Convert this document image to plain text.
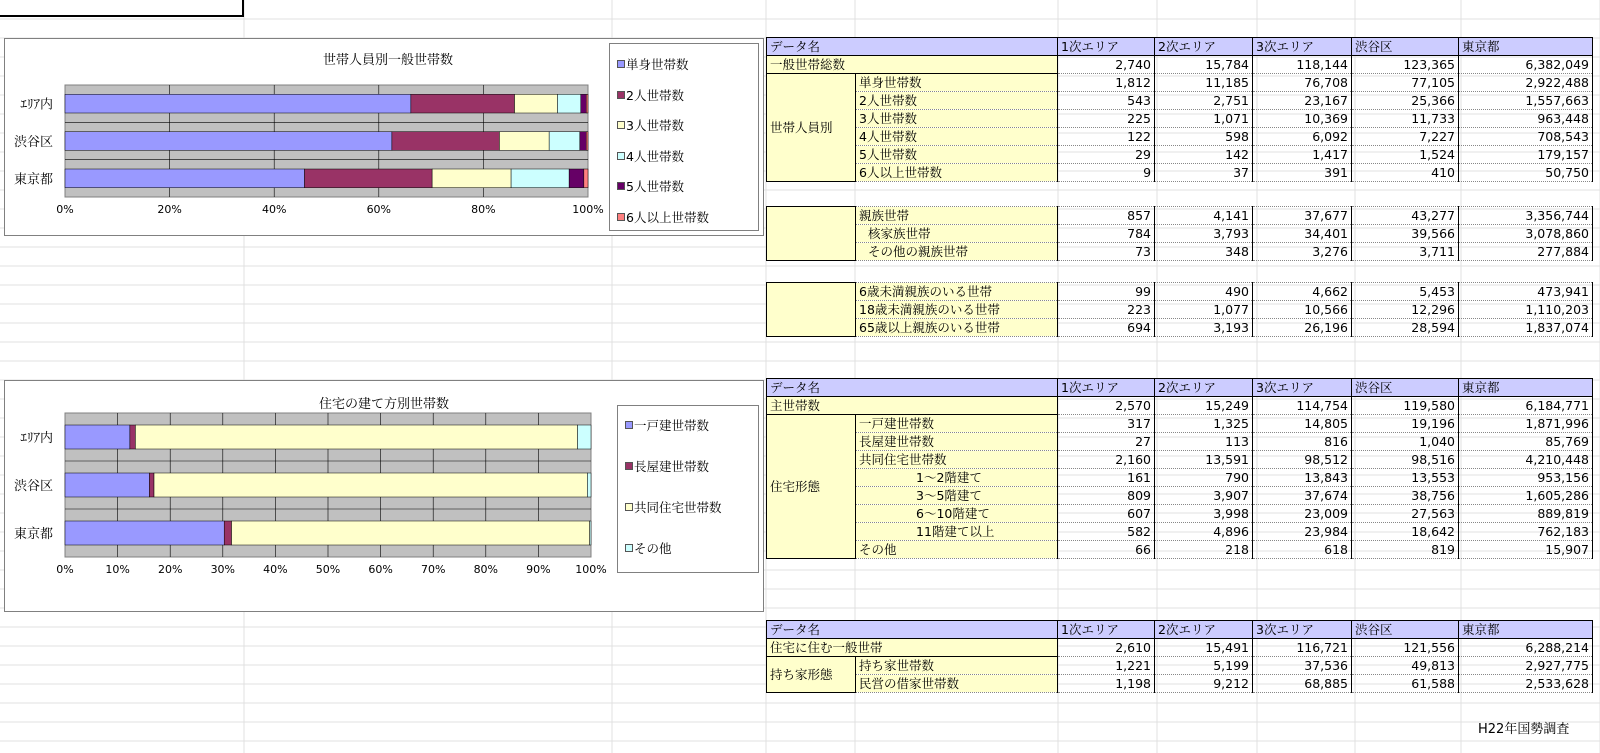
0%	20%	40%	60%	80%	100%
ｴﾘｱ内
渋谷区
東京都
世帯人員別一般世帯数	単身世帯数
2人世帯数
3人世帯数
4人世帯数
5人世帯数
6人以上世帯数
0%	10%	20%	30%	40%	50%	60%	70%	80%	90% 100%
ｴﾘｱ内
渋谷区
東京都
住宅の建て方別世帯数
一戸建世帯数
長屋建世帯数
共同住宅世帯数
その他
データ名		1次エリア	2次エリア	3次エリア	渋谷区	東京都
一般世帯総数		2,740	15,784	118,144	123,365	6,382,049
世帯人員別	単身世帯数	1,812	11,185	76,708	77,105	2,922,488
	2人世帯数	543	2,751	23,167	25,366	1,557,663
	3人世帯数	225	1,071	10,369	11,733	963,448
	4人世帯数	122	598	6,092	7,227	708,543
	5人世帯数	29	142	1,417	1,524	179,157
	6人以上世帯数	9	37	391	410	50,750
	親族世帯	857	4,141	37,677	43,277	3,356,744
	核家族世帯	784	3,793	34,401	39,566	3,078,860
	その他の親族世帯	73	348	3,276	3,711	277,884
	6歳未満親族のいる世帯	99	490	4,662	5,453	473,941
	18歳未満親族のいる世帯	223	1,077	10,566	12,296	1,110,203
	65歳以上親族のいる世帯	694	3,193	26,196	28,594	1,837,074
データ名		1次エリア	2次エリア	3次エリア	渋谷区	東京都
主世帯数		2,570	15,249	114,754	119,580	6,184,771
住宅形態	一戸建世帯数	317	1,325	14,805	19,196	1,871,996
	長屋建世帯数	27	113	816	1,040	85,769
	共同住宅世帯数	2,160	13,591	98,512	98,516	4,210,448
	1～2階建て	161	790	13,843	13,553	953,156
	3～5階建て	809	3,907	37,674	38,756	1,605,286
	6～10階建て	607	3,998	23,009	27,563	889,819
	11階建て以上	582	4,896	23,984	18,642	762,183
	その他	66	218	618	819	15,907
データ名		1次エリア	2次エリア	3次エリア	渋谷区	東京都
住宅に住む一般世帯		2,610	15,491	116,721	121,556	6,288,214
持ち家形態	持ち家世帯数	1,221	5,199	37,536	49,813	2,927,775
	民営の借家世帯数	1,198	9,212	68,885	61,588	2,533,628
H22年国勢調査
